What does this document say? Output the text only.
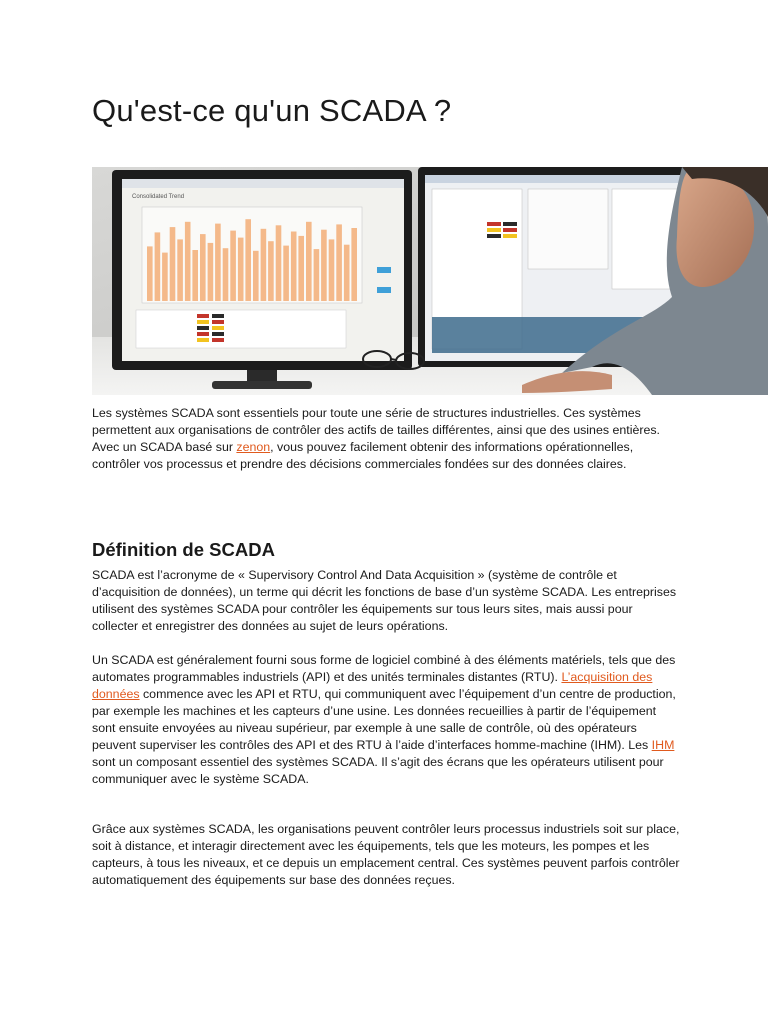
Qu'est-ce qu'un SCADA ?
Consolidated Trend

Les systèmes SCADA sont essentiels pour toute une série de structures industrielles. Ces systèmes permettent aux organisations de contrôler des actifs de tailles différentes, ainsi que des usines entières. Avec un SCADA basé sur zenon, vous pouvez facilement obtenir des informations opérationnelles, contrôler vos processus et prendre des décisions commerciales fondées sur des données claires.

Définition de SCADA

SCADA est l’acronyme de « Supervisory Control And Data Acquisition » (système de contrôle et d’acquisition de données), un terme qui décrit les fonctions de base d’un système SCADA. Les entreprises utilisent des systèmes SCADA pour contrôler les équipements sur tous leurs sites, mais aussi pour collecter et enregistrer des données au sujet de leurs opérations.

Un SCADA est généralement fourni sous forme de logiciel combiné à des éléments matériels, tels que des automates programmables industriels (API) et des unités terminales distantes (RTU). L’acquisition des données commence avec les API et RTU, qui communiquent avec l’équipement d’un centre de production, par exemple les machines et les capteurs d’une usine. Les données recueillies à partir de l’équipement sont ensuite envoyées au niveau supérieur, par exemple à une salle de contrôle, où des opérateurs peuvent superviser les contrôles des API et des RTU à l’aide d’interfaces homme-machine (IHM). Les IHM sont un composant essentiel des systèmes SCADA. Il s’agit des écrans que les opérateurs utilisent pour communiquer avec le système SCADA.

Grâce aux systèmes SCADA, les organisations peuvent contrôler leurs processus industriels soit sur place, soit à distance, et interagir directement avec les équipements, tels que les moteurs, les pompes et les capteurs, à tous les niveaux, et ce depuis un emplacement central. Ces systèmes peuvent parfois contrôler automatiquement des équipements sur base des données reçues.
